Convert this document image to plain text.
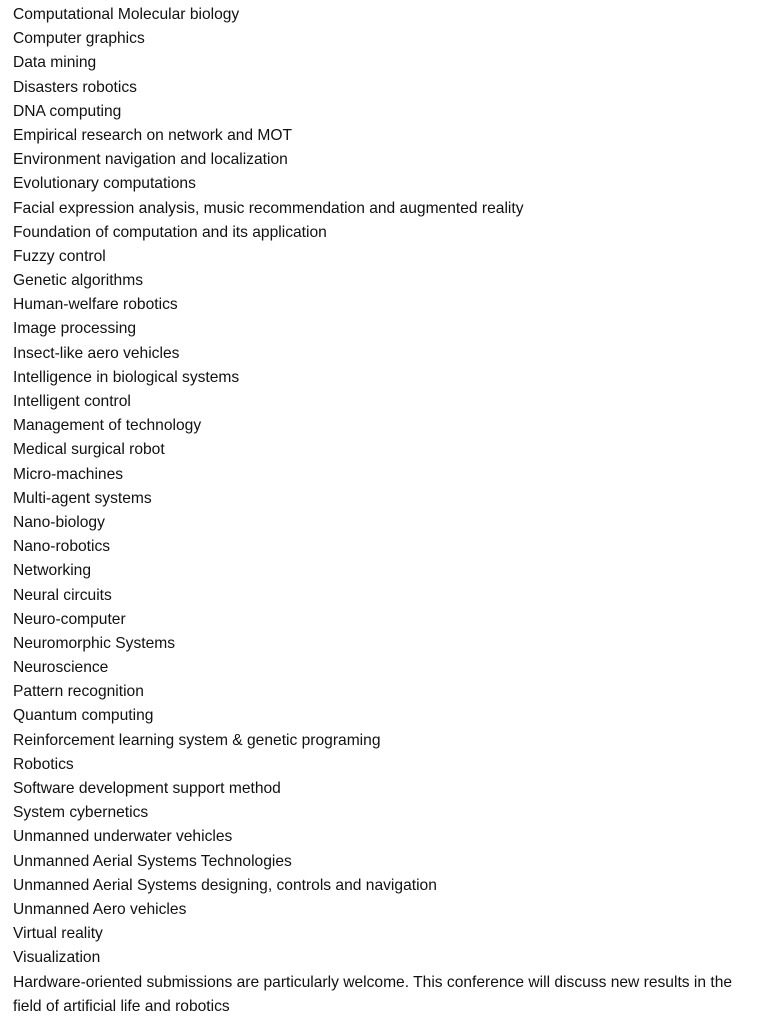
Computational Molecular biology
Computer graphics
Data mining
Disasters robotics
DNA computing
Empirical research on network and MOT
Environment navigation and localization
Evolutionary computations
Facial expression analysis, music recommendation and augmented reality
Foundation of computation and its application
Fuzzy control
Genetic algorithms
Human-welfare robotics
Image processing
Insect-like aero vehicles
Intelligence in biological systems
Intelligent control
Management of technology
Medical surgical robot
Micro-machines
Multi-agent systems
Nano-biology
Nano-robotics
Networking
Neural circuits
Neuro-computer
Neuromorphic Systems
Neuroscience
Pattern recognition
Quantum computing
Reinforcement learning system & genetic programing
Robotics
Software development support method
System cybernetics
Unmanned underwater vehicles
Unmanned Aerial Systems Technologies
Unmanned Aerial Systems designing, controls and navigation
Unmanned Aero vehicles
Virtual reality
Visualization

Hardware-oriented submissions are particularly welcome. This conference will discuss new results in the field of artificial life and robotics
